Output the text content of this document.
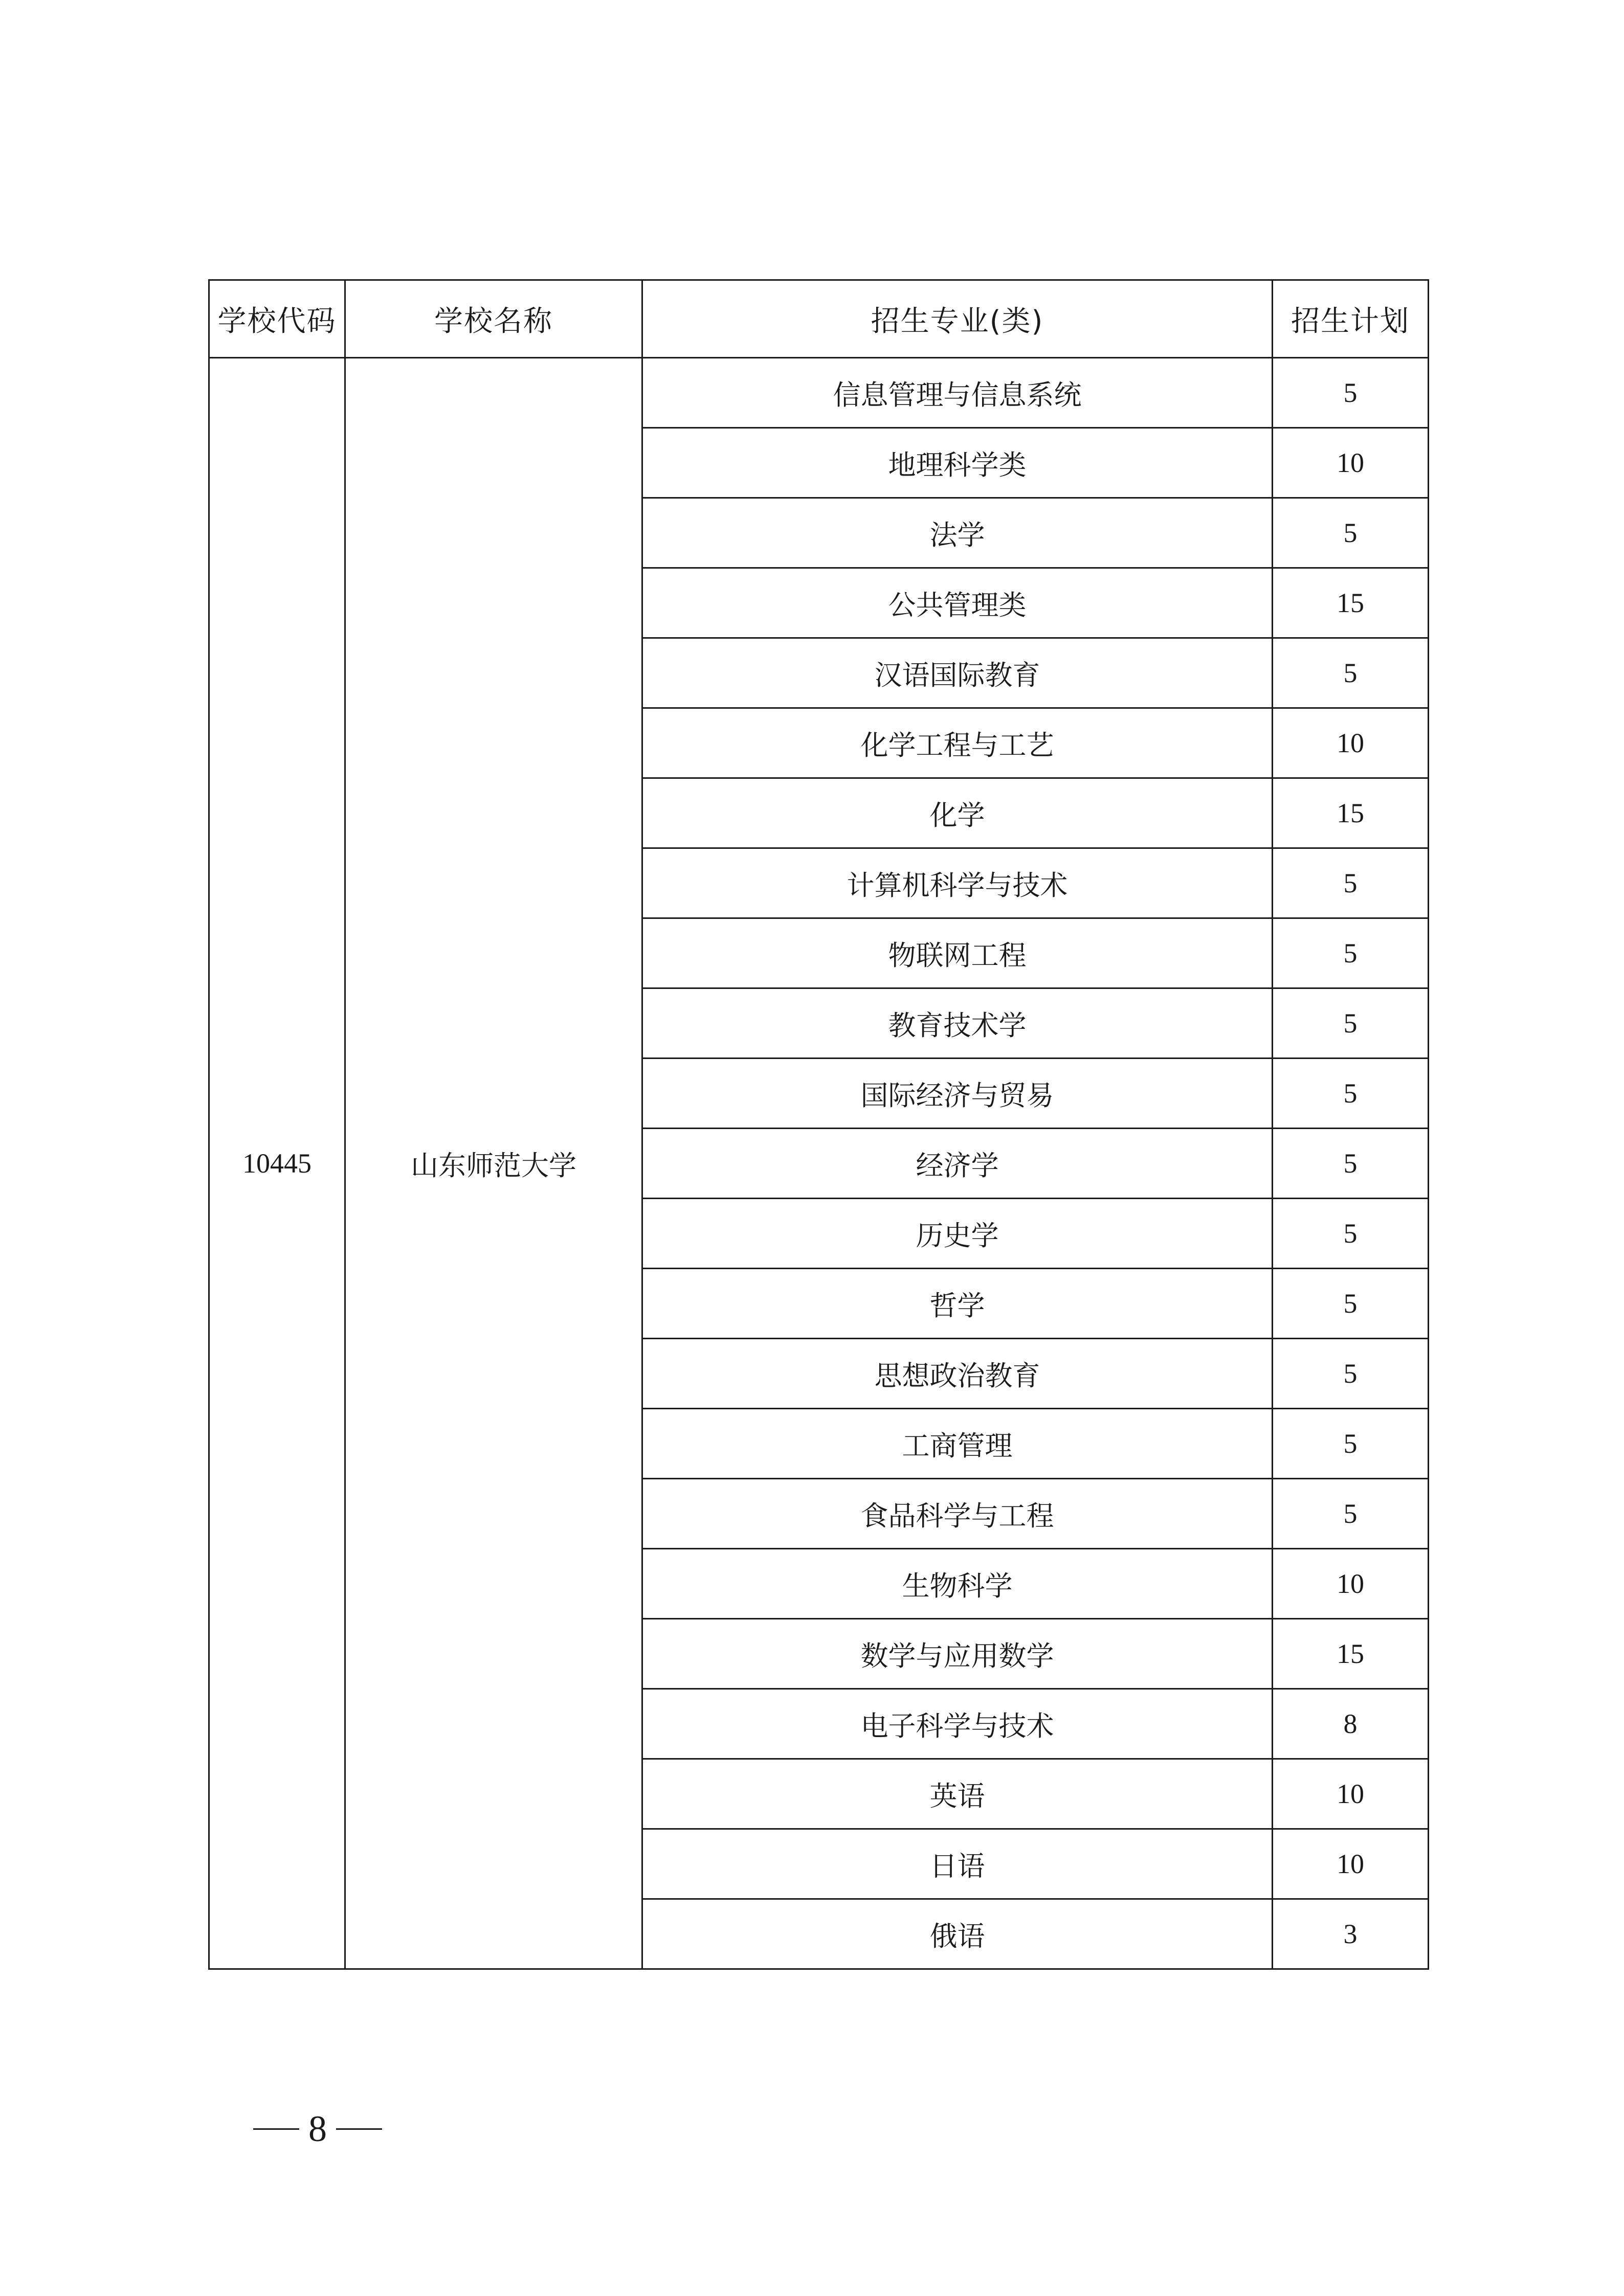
学校代码	学校名称	招生专业(类)	招生计划
10445	山东师范大学	信息管理与信息系统	5
		地理科学类	10
		法学	5
		公共管理类	15
		汉语国际教育	5
		化学工程与工艺	10
		化学	15
		计算机科学与技术	5
		物联网工程	5
		教育技术学	5
		国际经济与贸易	5
		经济学	5
		历史学	5
		哲学	5
		思想政治教育	5
		工商管理	5
		食品科学与工程	5
		生物科学	10
		数学与应用数学	15
		电子科学与技术	8
		英语	10
		日语	10
		俄语	3
8
